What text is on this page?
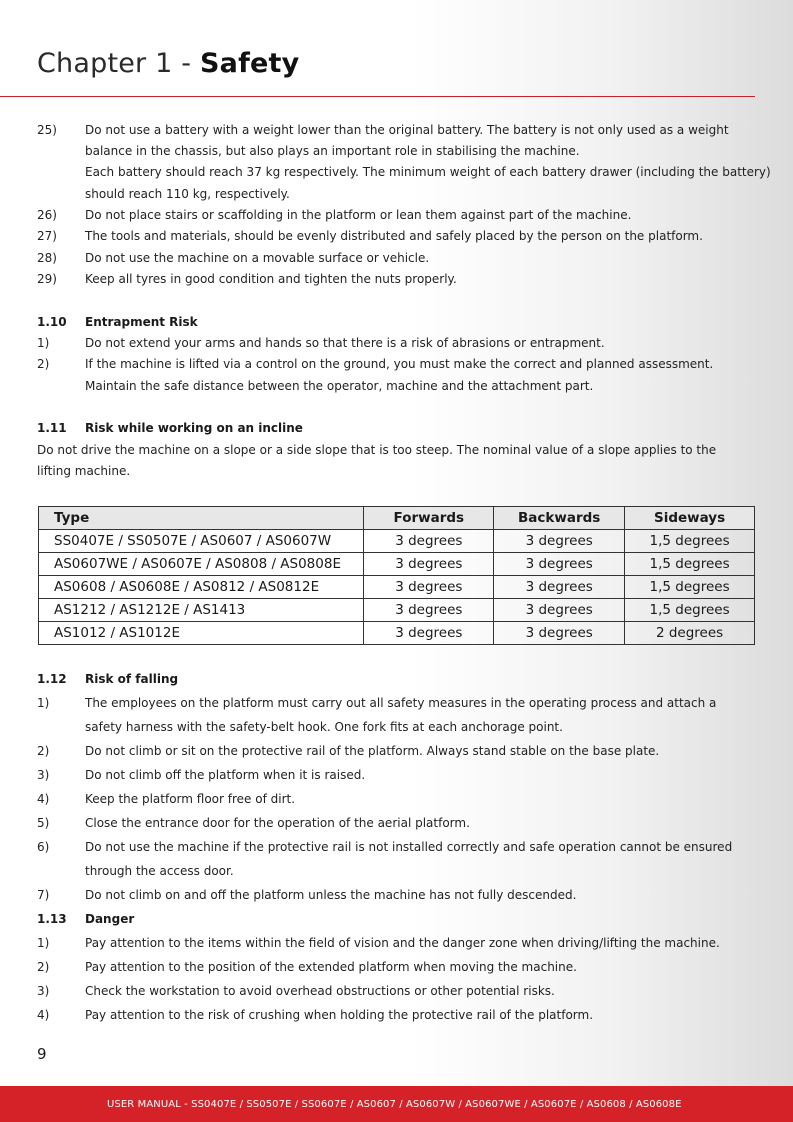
Chapter 1 - Safety
25) Do not use a battery with a weight lower than the original battery. The battery is not only used as a weight
balance in the chassis, but also plays an important role in stabilising the machine.
Each battery should reach 37 kg respectively. The minimum weight of each battery drawer (including the battery)
should reach 110 kg, respectively.
26) Do not place stairs or scaffolding in the platform or lean them against part of the machine.
27) The tools and materials, should be evenly distributed and safely placed by the person on the platform.
28) Do not use the machine on a movable surface or vehicle.
29) Keep all tyres in good condition and tighten the nuts properly.
1.10 Entrapment Risk
1)	Do not extend your arms and hands so that there is a risk of abrasions or entrapment.
2)	If the machine is lifted via a control on the ground, you must make the correct and planned assessment.
Maintain the safe distance between the operator, machine and the attachment part.
1.11 Risk while working on an incline
Do not drive the machine on a slope or a side slope that is too steep. The nominal value of a slope applies to the
lifting machine.
Type	Forwards	Backwards	Sideways
SS0407E / SS0507E / AS0607 / AS0607W	3 degrees	3 degrees	1,5 degrees
AS0607WE / AS0607E / AS0808 / AS0808E	3 degrees	3 degrees	1,5 degrees
AS0608 / AS0608E / AS0812 / AS0812E	3 degrees	3 degrees	1,5 degrees
AS1212 / AS1212E / AS1413	3 degrees	3 degrees	1,5 degrees
AS1012 / AS1012E	3 degrees	3 degrees	2 degrees
1.12 Risk of falling
1)	The employees on the platform must carry out all safety measures in the operating process and attach a
safety harness with the safety-belt hook. One fork fits at each anchorage point.
2)	Do not climb or sit on the protective rail of the platform. Always stand stable on the base plate.
3)	Do not climb off the platform when it is raised.
4)	Keep the platform floor free of dirt.
5)	Close the entrance door for the operation of the aerial platform.
6)	Do not use the machine if the protective rail is not installed correctly and safe operation cannot be ensured
through the access door.
7)	Do not climb on and off the platform unless the machine has not fully descended.
1.13 Danger
1)	Pay attention to the items within the field of vision and the danger zone when driving/lifting the machine.
2)	Pay attention to the position of the extended platform when moving the machine.
3)	Check the workstation to avoid overhead obstructions or other potential risks.
4)	Pay attention to the risk of crushing when holding the protective rail of the platform.
9
USER MANUAL - SS0407E / SS0507E / SS0607E / AS0607 / AS0607W / AS0607WE / AS0607E / AS0608 / AS0608E
